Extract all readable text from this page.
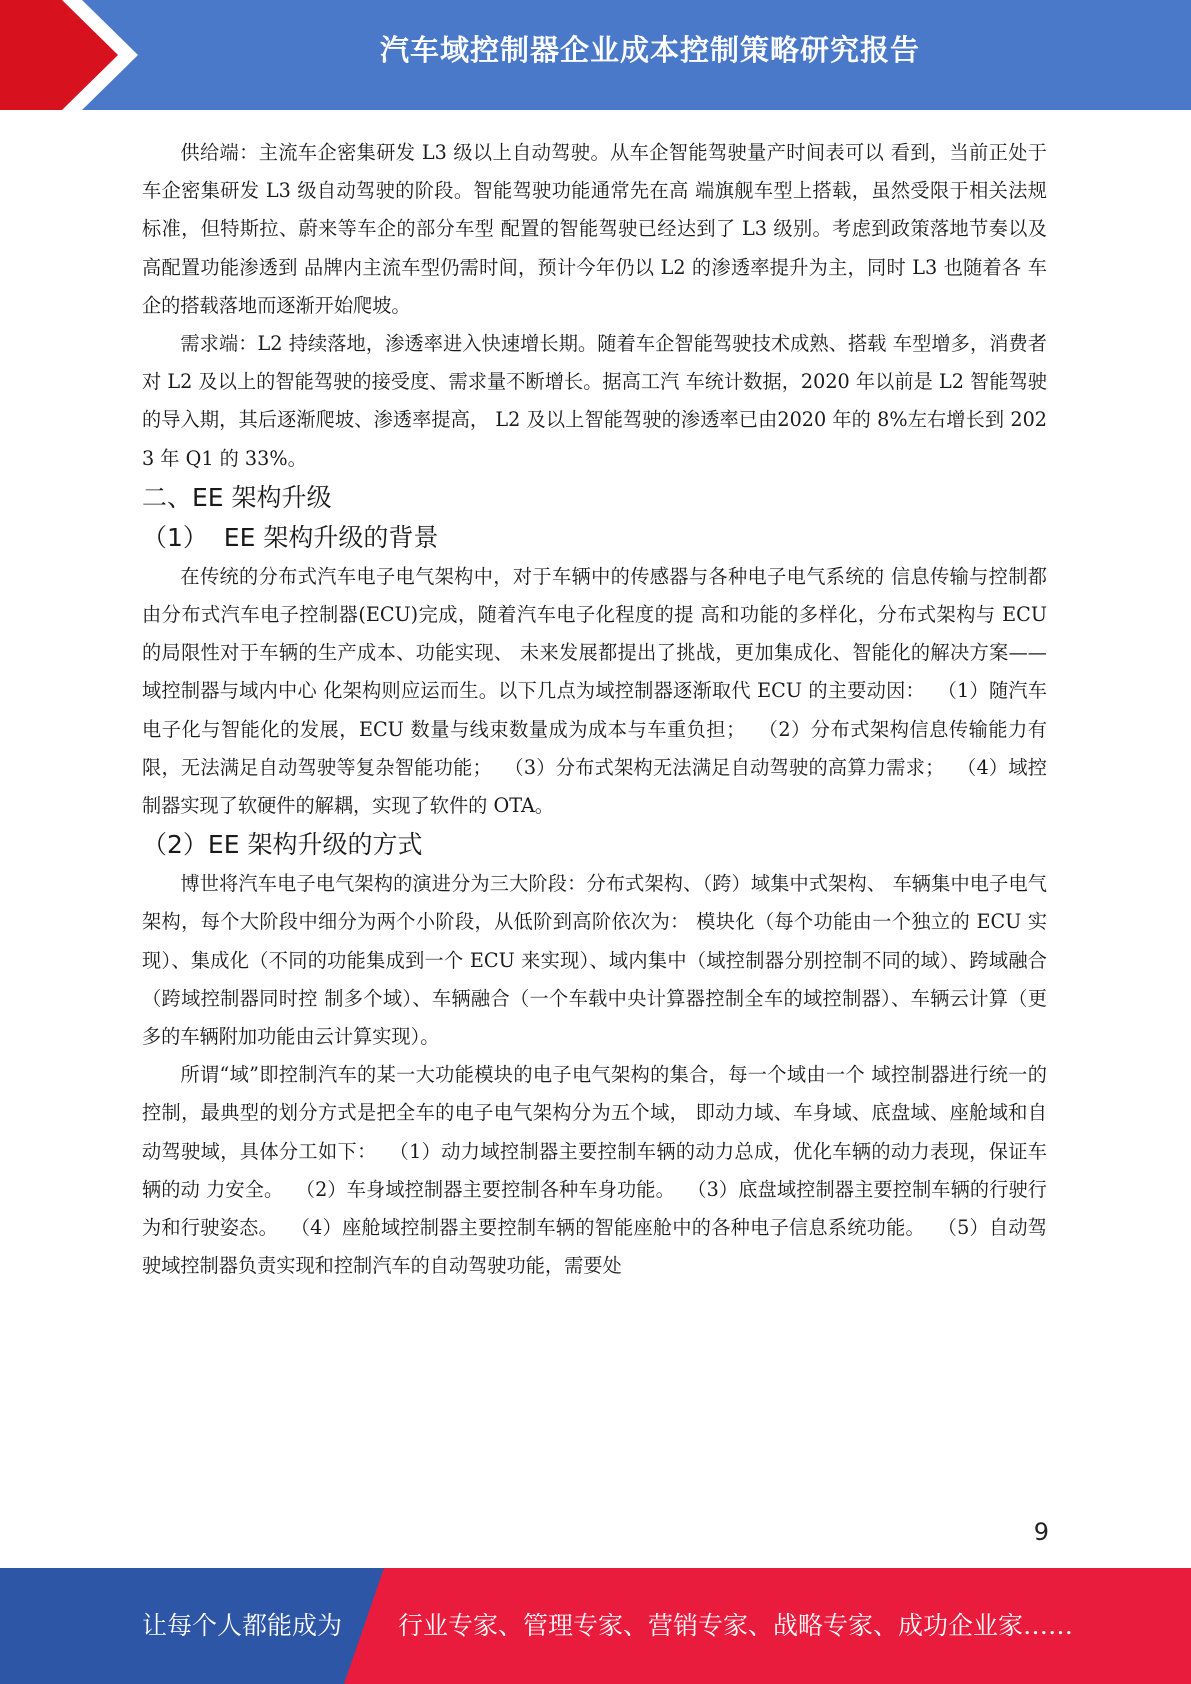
汽车域控制器企业成本控制策略研究报告

供给端：主流车企密集研发 L3 级以上自动驾驶。从车企智能驾驶量产时间表可以 看到，当前正处于车企密集研发 L3 级自动驾驶的阶段。智能驾驶功能通常先在高 端旗舰车型上搭载，虽然受限于相关法规标准，但特斯拉、蔚来等车企的部分车型 配置的智能驾驶已经达到了 L3 级别。考虑到政策落地节奏以及高配置功能渗透到 品牌内主流车型仍需时间，预计今年仍以 L2 的渗透率提升为主，同时 L3 也随着各 车企的搭载落地而逐渐开始爬坡。

需求端：L2 持续落地，渗透率进入快速增长期。随着车企智能驾驶技术成熟、搭载 车型增多，消费者对 L2 及以上的智能驾驶的接受度、需求量不断增长。据高工汽 车统计数据，2020 年以前是 L2 智能驾驶的导入期，其后逐渐爬坡、渗透率提高， L2 及以上智能驾驶的渗透率已由2020 年的 8%左右增长到 2023 年 Q1 的 33%。

二、EE 架构升级
（1）  EE 架构升级的背景

在传统的分布式汽车电子电气架构中，对于车辆中的传感器与各种电子电气系统的 信息传输与控制都由分布式汽车电子控制器(ECU)完成，随着汽车电子化程度的提 高和功能的多样化，分布式架构与 ECU 的局限性对于车辆的生产成本、功能实现、 未来发展都提出了挑战，更加集成化、智能化的解决方案——域控制器与域内中心 化架构则应运而生。以下几点为域控制器逐渐取代 ECU 的主要动因：  （1）随汽车电子化与智能化的发展，ECU 数量与线束数量成为成本与车重负担；  （2）分布式架构信息传输能力有限，无法满足自动驾驶等复杂智能功能；  （3）分布式架构无法满足自动驾驶的高算力需求；  （4）域控制器实现了软硬件的解耦，实现了软件的 OTA。

（2）EE 架构升级的方式

博世将汽车电子电气架构的演进分为三大阶段：分布式架构、（跨）域集中式架构、 车辆集中电子电气架构，每个大阶段中细分为两个小阶段，从低阶到高阶依次为： 模块化（每个功能由一个独立的 ECU 实现）、集成化（不同的功能集成到一个 ECU 来实现）、域内集中（域控制器分别控制不同的域）、跨域融合（跨域控制器同时控 制多个域）、车辆融合（一个车载中央计算器控制全车的域控制器）、车辆云计算（更 多的车辆附加功能由云计算实现）。

所谓“域”即控制汽车的某一大功能模块的电子电气架构的集合，每一个域由一个 域控制器进行统一的控制，最典型的划分方式是把全车的电子电气架构分为五个域， 即动力域、车身域、底盘域、座舱域和自动驾驶域，具体分工如下：  （1）动力域控制器主要控制车辆的动力总成，优化车辆的动力表现，保证车辆的动 力安全。  （2）车身域控制器主要控制各种车身功能。  （3）底盘域控制器主要控制车辆的行驶行为和行驶姿态。  （4）座舱域控制器主要控制车辆的智能座舱中的各种电子信息系统功能。  （5）自动驾驶域控制器负责实现和控制汽车的自动驾驶功能，需要处

9
让每个人都能成为 行业专家、管理专家、营销专家、战略专家、成功企业家……
